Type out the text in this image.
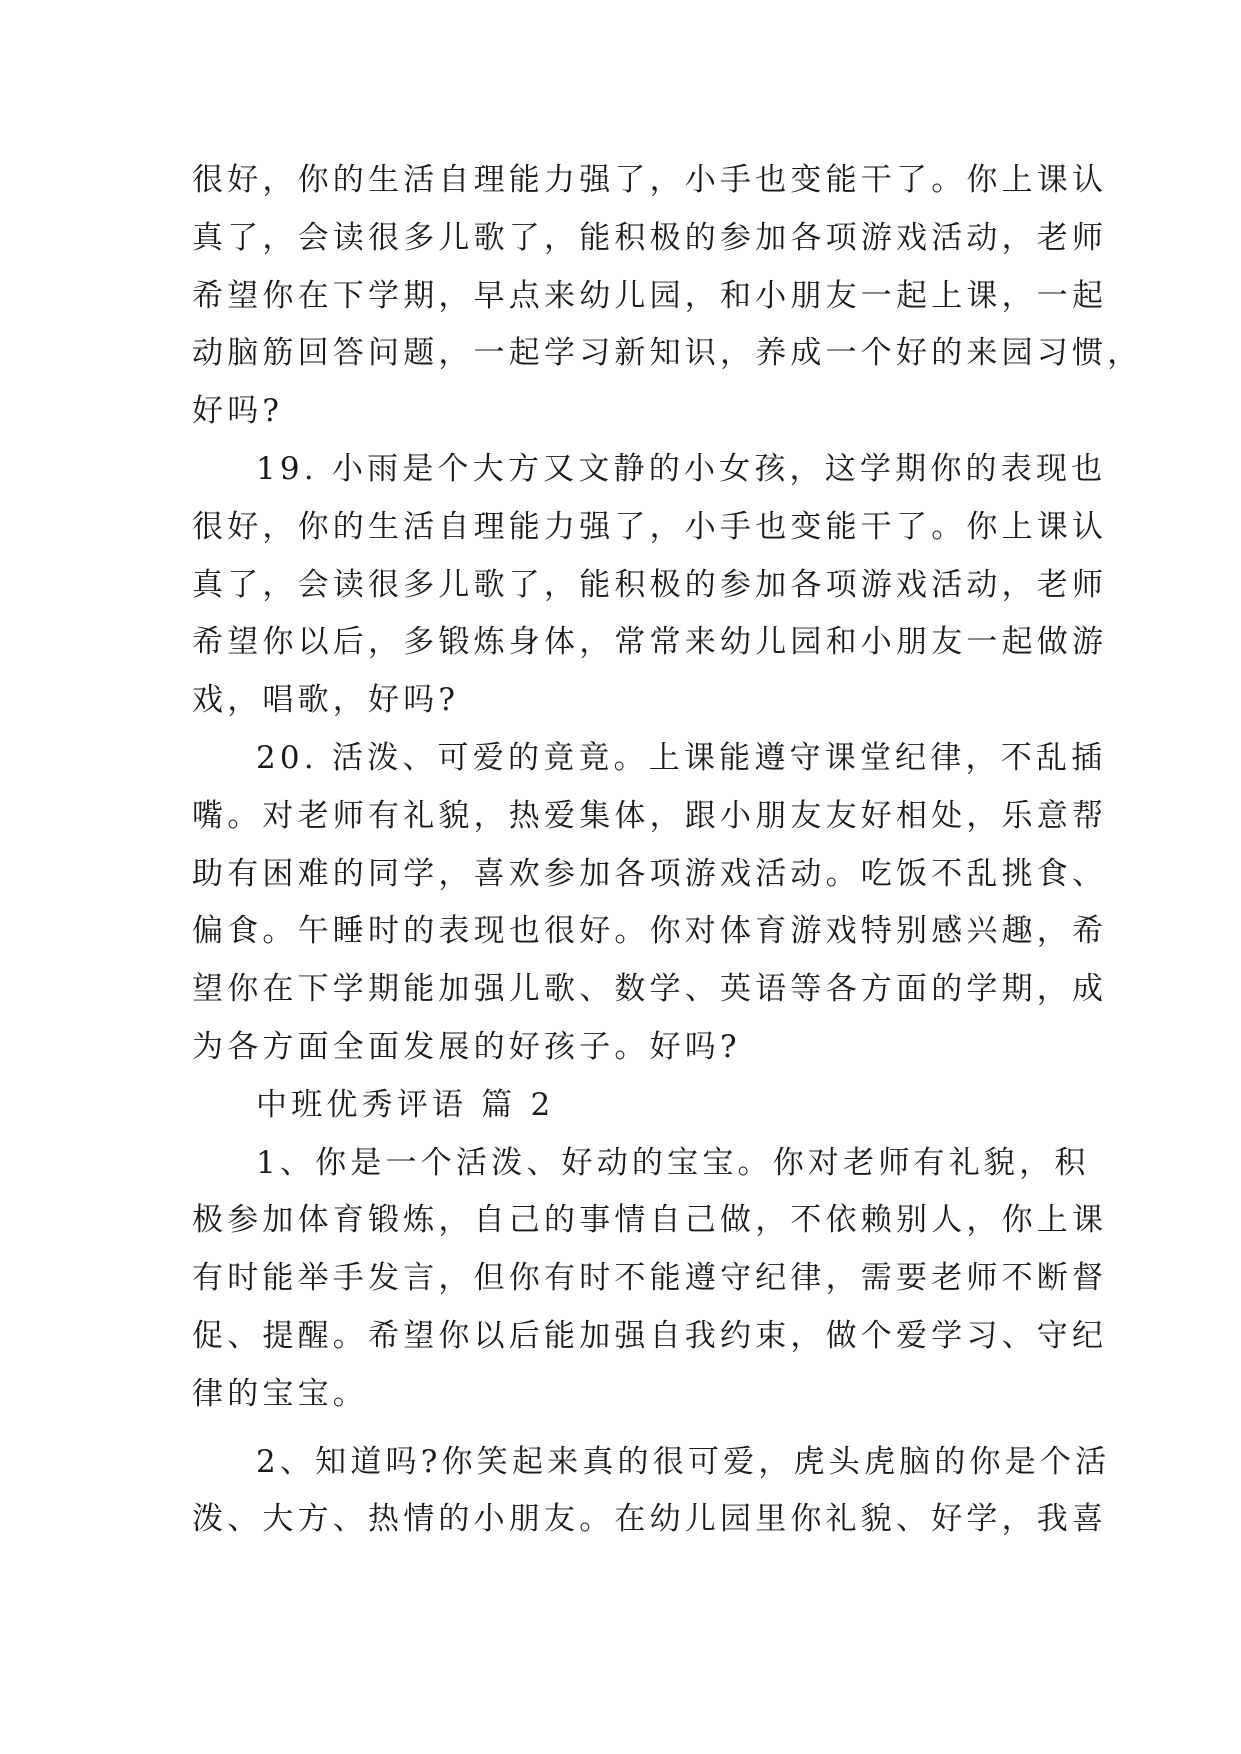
很好，你的生活自理能力强了，小手也变能干了。你上课认
真了，会读很多儿歌了，能积极的参加各项游戏活动，老师
希望你在下学期，早点来幼儿园，和小朋友一起上课，一起
动脑筋回答问题，一起学习新知识，养成一个好的来园习惯，
好吗?
19. 小雨是个大方又文静的小女孩，这学期你的表现也
很好，你的生活自理能力强了，小手也变能干了。你上课认
真了，会读很多儿歌了，能积极的参加各项游戏活动，老师
希望你以后，多锻炼身体，常常来幼儿园和小朋友一起做游
戏，唱歌，好吗?
20. 活泼、可爱的竟竟。上课能遵守课堂纪律，不乱插
嘴。对老师有礼貌，热爱集体，跟小朋友友好相处，乐意帮
助有困难的同学，喜欢参加各项游戏活动。吃饭不乱挑食、
偏食。午睡时的表现也很好。你对体育游戏特别感兴趣，希
望你在下学期能加强儿歌、数学、英语等各方面的学期，成
为各方面全面发展的好孩子。好吗?
中班优秀评语 篇 2
1、你是一个活泼、好动的宝宝。你对老师有礼貌，积
极参加体育锻炼，自己的事情自己做，不依赖别人，你上课
有时能举手发言，但你有时不能遵守纪律，需要老师不断督
促、提醒。希望你以后能加强自我约束，做个爱学习、守纪
律的宝宝。
2、知道吗?你笑起来真的很可爱，虎头虎脑的你是个活
泼、大方、热情的小朋友。在幼儿园里你礼貌、好学，我喜
